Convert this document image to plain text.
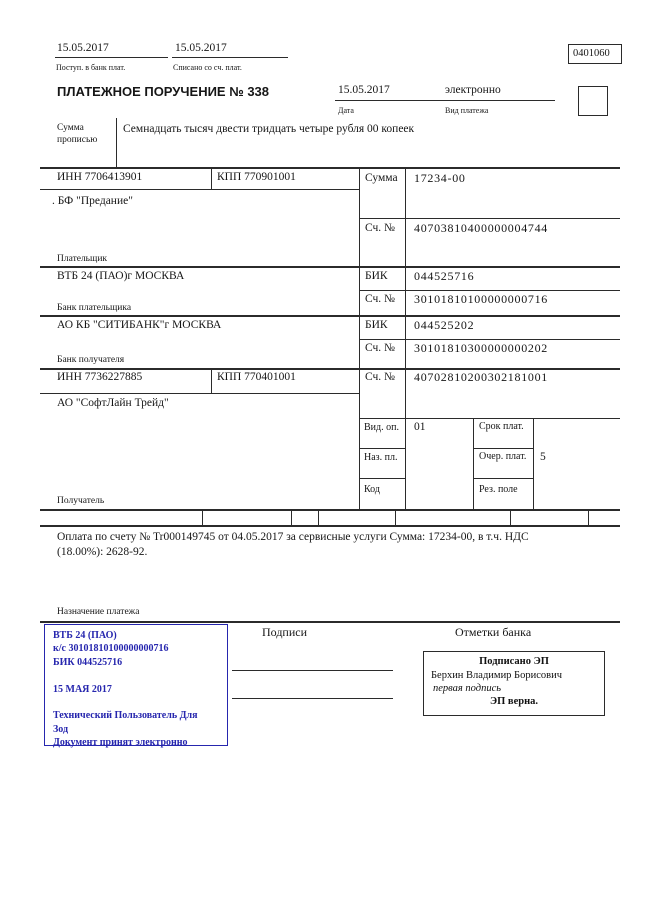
15.05.2017
Поступ. в банк плат.
15.05.2017
Списано со сч. плат.
0401060
ПЛАТЕЖНОЕ ПОРУЧЕНИЕ № 338	15.05.2017
Дата
электронно
Вид платежа
Сумма прописью
Семнадцать тысяч двести тридцать четыре рубля 00 копеек
ИНН 7706413901	КПП 770901001
. БФ "Предание"
Плательщик
Сумма 17234-00
Сч. № 40703810400000004744
ВТБ 24 (ПАО)г МОСКВА
Банк плательщика
БИК 044525716
Сч. № 30101810100000000716
АО КБ "СИТИБАНК"г МОСКВА
Банк получателя
БИК 044525202
Сч. № 30101810300000000202
ИНН 7736227885	КПП 770401001
АО "СофтЛайн Трейд"
Получатель
Сч. № 40702810200302181001
Вид. оп. 01	Срок плат.
Наз. пл.	Очер. плат. 5
Код	Рез. поле
Оплата по счету № Tr000149745 от 04.05.2017 за сервисные услуги Сумма: 17234-00, в т.ч. НДС (18.00%): 2628-92.
Назначение платежа
ВТБ 24 (ПАО)
к/с 30101810100000000716
БИК 044525716
15 МАЯ 2017
Технический Пользователь Для
Зод
Документ принят электронно
Подписи	Отметки банка
Подписано ЭП
Берхин Владимир Борисович
первая подпись
ЭП верна.
